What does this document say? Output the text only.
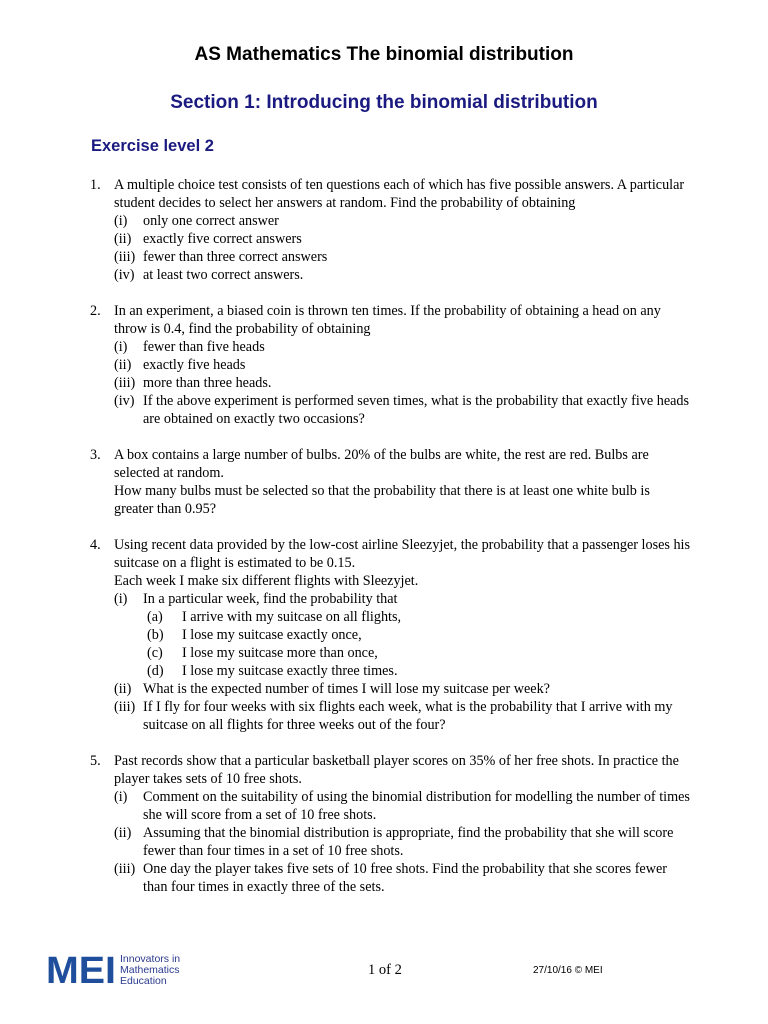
AS Mathematics The binomial distribution
Section 1: Introducing the binomial distribution
Exercise level 2
1. A multiple choice test consists of ten questions each of which has five possible answers. A particular student decides to select her answers at random. Find the probability of obtaining
(i) only one correct answer
(ii) exactly five correct answers
(iii) fewer than three correct answers
(iv) at least two correct answers.
2. In an experiment, a biased coin is thrown ten times. If the probability of obtaining a head on any throw is 0.4, find the probability of obtaining
(i) fewer than five heads
(ii) exactly five heads
(iii) more than three heads.
(iv) If the above experiment is performed seven times, what is the probability that exactly five heads are obtained on exactly two occasions?
3. A box contains a large number of bulbs. 20% of the bulbs are white, the rest are red. Bulbs are selected at random.
How many bulbs must be selected so that the probability that there is at least one white bulb is greater than 0.95?
4. Using recent data provided by the low-cost airline Sleezyjet, the probability that a passenger loses his suitcase on a flight is estimated to be 0.15.
Each week I make six different flights with Sleezyjet.
(i) In a particular week, find the probability that
(a) I arrive with my suitcase on all flights,
(b) I lose my suitcase exactly once,
(c) I lose my suitcase more than once,
(d) I lose my suitcase exactly three times.
(ii) What is the expected number of times I will lose my suitcase per week?
(iii) If I fly for four weeks with six flights each week, what is the probability that I arrive with my suitcase on all flights for three weeks out of the four?
5. Past records show that a particular basketball player scores on 35% of her free shots. In practice the player takes sets of 10 free shots.
(i) Comment on the suitability of using the binomial distribution for modelling the number of times she will score from a set of 10 free shots.
(ii) Assuming that the binomial distribution is appropriate, find the probability that she will score fewer than four times in a set of 10 free shots.
(iii) One day the player takes five sets of 10 free shots. Find the probability that she scores fewer than four times in exactly three of the sets.
MEI Innovators in
Mathematics
Education
1 of 2	27/10/16 © MEI
